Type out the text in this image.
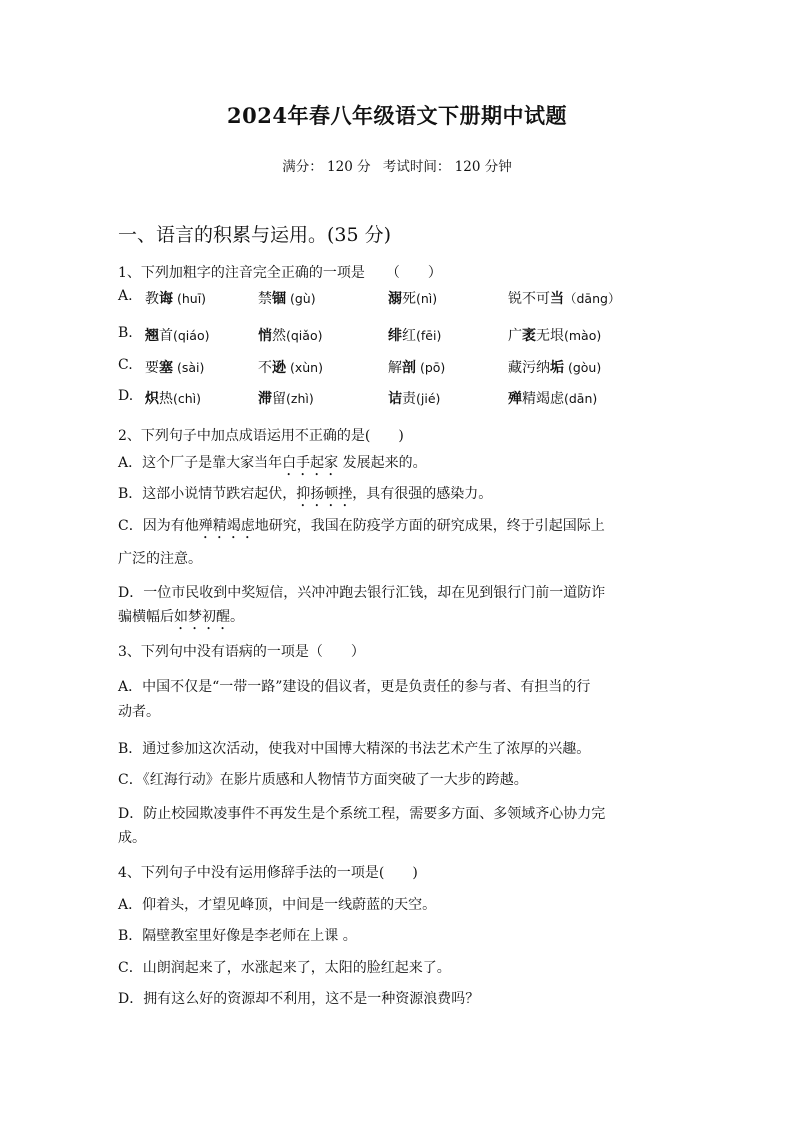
2024年春八年级语文下册期中试题
满分： 120 分 考试时间： 120 分钟
一、语言的积累与运用。(35 分)
1、下列加粗字的注音完全正确的一项是　　（　　）
A. 教诲 (huī)	禁锢 (gù)	溺死(nì)	锐不可当（dāng）
B. 翘首(qiáo)	悄然(qiǎo)	绯红(fēi)	广袤无垠(mào)
C. 要塞 (sài)	不逊 (xùn)	解剖 (pō)	藏污纳垢 (gòu)
D. 炽热(chì)	滞留(zhì)	诘责(jié)	殚精竭虑(dān)
2、下列句子中加点成语运用不正确的是(　　)
A．这个厂子是靠大家当年白手起家 发展起来的。
B．这部小说情节跌宕起伏，抑扬顿挫，具有很强的感染力。
C．因为有他殚精竭虑地研究，我国在防疫学方面的研究成果，终于引起国际上
广泛的注意。
D．一位市民收到中奖短信，兴冲冲跑去银行汇钱，却在见到银行门前一道防诈
骗横幅后如梦初醒。
3、下列句中没有语病的一项是（　　）
A．中国不仅是“一带一路”建设的倡议者，更是负责任的参与者、有担当的行
动者。
B．通过参加这次活动，使我对中国博大精深的书法艺术产生了浓厚的兴趣。
C．《红海行动》在影片质感和人物情节方面突破了一大步的跨越。
D．防止校园欺凌事件不再发生是个系统工程，需要多方面、多领域齐心协力完
成。
4、下列句子中没有运用修辞手法的一项是(　　)
A．仰着头，才望见峰顶，中间是一线蔚蓝的天空。
B．隔壁教室里好像是李老师在上课 。
C．山朗润起来了，水涨起来了，太阳的脸红起来了。
D．拥有这么好的资源却不利用，这不是一种资源浪费吗？
